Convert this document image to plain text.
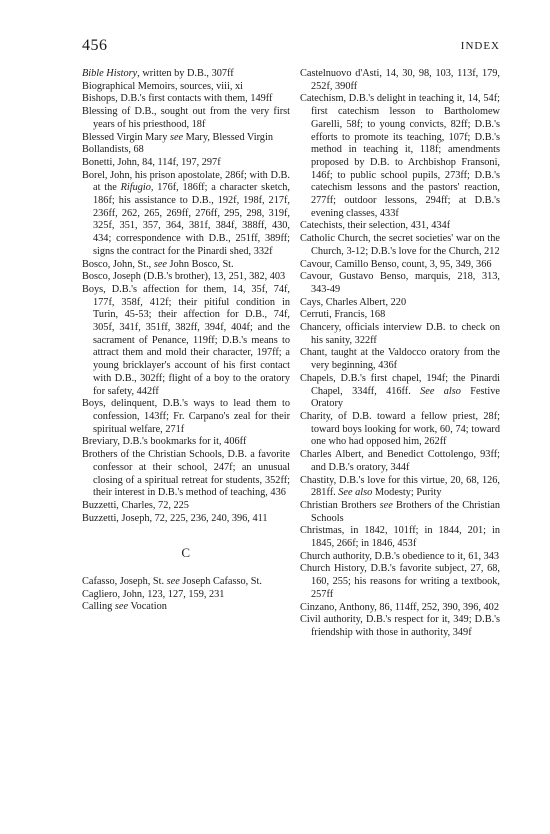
456	INDEX

Bible History, written by D.B., 307ff

Biographical Memoirs, sources, viii, xi

Bishops, D.B.'s first contacts with them, 149ff

Blessing of D.B., sought out from the very first years of his priesthood, 18f

Blessed Virgin Mary see Mary, Blessed Virgin

Bollandists, 68

Bonetti, John, 84, 114f, 197, 297f

Borel, John, his prison apostolate, 286f; with D.B. at the Rifugio, 176f, 186ff; a character sketch, 186f; his assistance to D.B., 192f, 198f, 217f, 236ff, 262, 265, 269ff, 276ff, 295, 298, 319f, 325f, 351, 357, 364, 381f, 384f, 388ff, 430, 434; correspondence with D.B., 251ff, 389ff; signs the contract for the Pinardi shed, 332f

Bosco, John, St., see John Bosco, St.

Bosco, Joseph (D.B.'s brother), 13, 251, 382, 403

Boys, D.B.'s affection for them, 14, 35f, 74f, 177f, 358f, 412f; their pitiful condition in Turin, 45-53; their affection for D.B., 74f, 305f, 341f, 351ff, 382ff, 394f, 404f; and the sacrament of Penance, 119ff; D.B.'s means to attract them and mold their character, 197ff; a young bricklayer's account of his first contact with D.B., 302ff; flight of a boy to the oratory for safety, 442ff

Boys, delinquent, D.B.'s ways to lead them to confession, 143ff; Fr. Carpano's zeal for their spiritual welfare, 271f

Breviary, D.B.'s bookmarks for it, 406ff

Brothers of the Christian Schools, D.B. a favorite confessor at their school, 247f; an unusual closing of a spiritual retreat for students, 352ff; their interest in D.B.'s method of teaching, 436

Buzzetti, Charles, 72, 225

Buzzetti, Joseph, 72, 225, 236, 240, 396, 411

C

Cafasso, Joseph, St. see Joseph Cafasso, St.

Cagliero, John, 123, 127, 159, 231

Calling see Vocation

Castelnuovo d'Asti, 14, 30, 98, 103, 113f, 179, 252f, 390ff

Catechism, D.B.'s delight in teaching it, 14, 54f; first catechism lesson to Bartholomew Garelli, 58f; to young convicts, 82ff; D.B.'s efforts to promote its teaching, 107f; D.B.'s method in teaching it, 118f; amendments proposed by D.B. to Archbishop Fransoni, 146f; to public school pupils, 273ff; D.B.'s catechism lessons and the pastors' reaction, 277ff; outdoor lessons, 294ff; at D.B.'s evening classes, 433f

Catechists, their selection, 431, 434f

Catholic Church, the secret societies' war on the Church, 3-12; D.B.'s love for the Church, 212

Cavour, Camillo Benso, count, 3, 95, 349, 366

Cavour, Gustavo Benso, marquis, 218, 313, 343-49

Cays, Charles Albert, 220

Cerruti, Francis, 168

Chancery, officials interview D.B. to check on his sanity, 322ff

Chant, taught at the Valdocco oratory from the very beginning, 436f

Chapels, D.B.'s first chapel, 194f; the Pinardi Chapel, 334ff, 416ff. See also Festive Oratory

Charity, of D.B. toward a fellow priest, 28f; toward boys looking for work, 60, 74; toward one who had opposed him, 262ff

Charles Albert, and Benedict Cottolengo, 93ff; and D.B.'s oratory, 344f

Chastity, D.B.'s love for this virtue, 20, 68, 126, 281ff. See also Modesty; Purity

Christian Brothers see Brothers of the Christian Schools

Christmas, in 1842, 101ff; in 1844, 201; in 1845, 266f; in 1846, 453f

Church authority, D.B.'s obedience to it, 61, 343

Church History, D.B.'s favorite subject, 27, 68, 160, 255; his reasons for writing a textbook, 257ff

Cinzano, Anthony, 86, 114ff, 252, 390, 396, 402

Civil authority, D.B.'s respect for it, 349; D.B.'s friendship with those in authority, 349f
